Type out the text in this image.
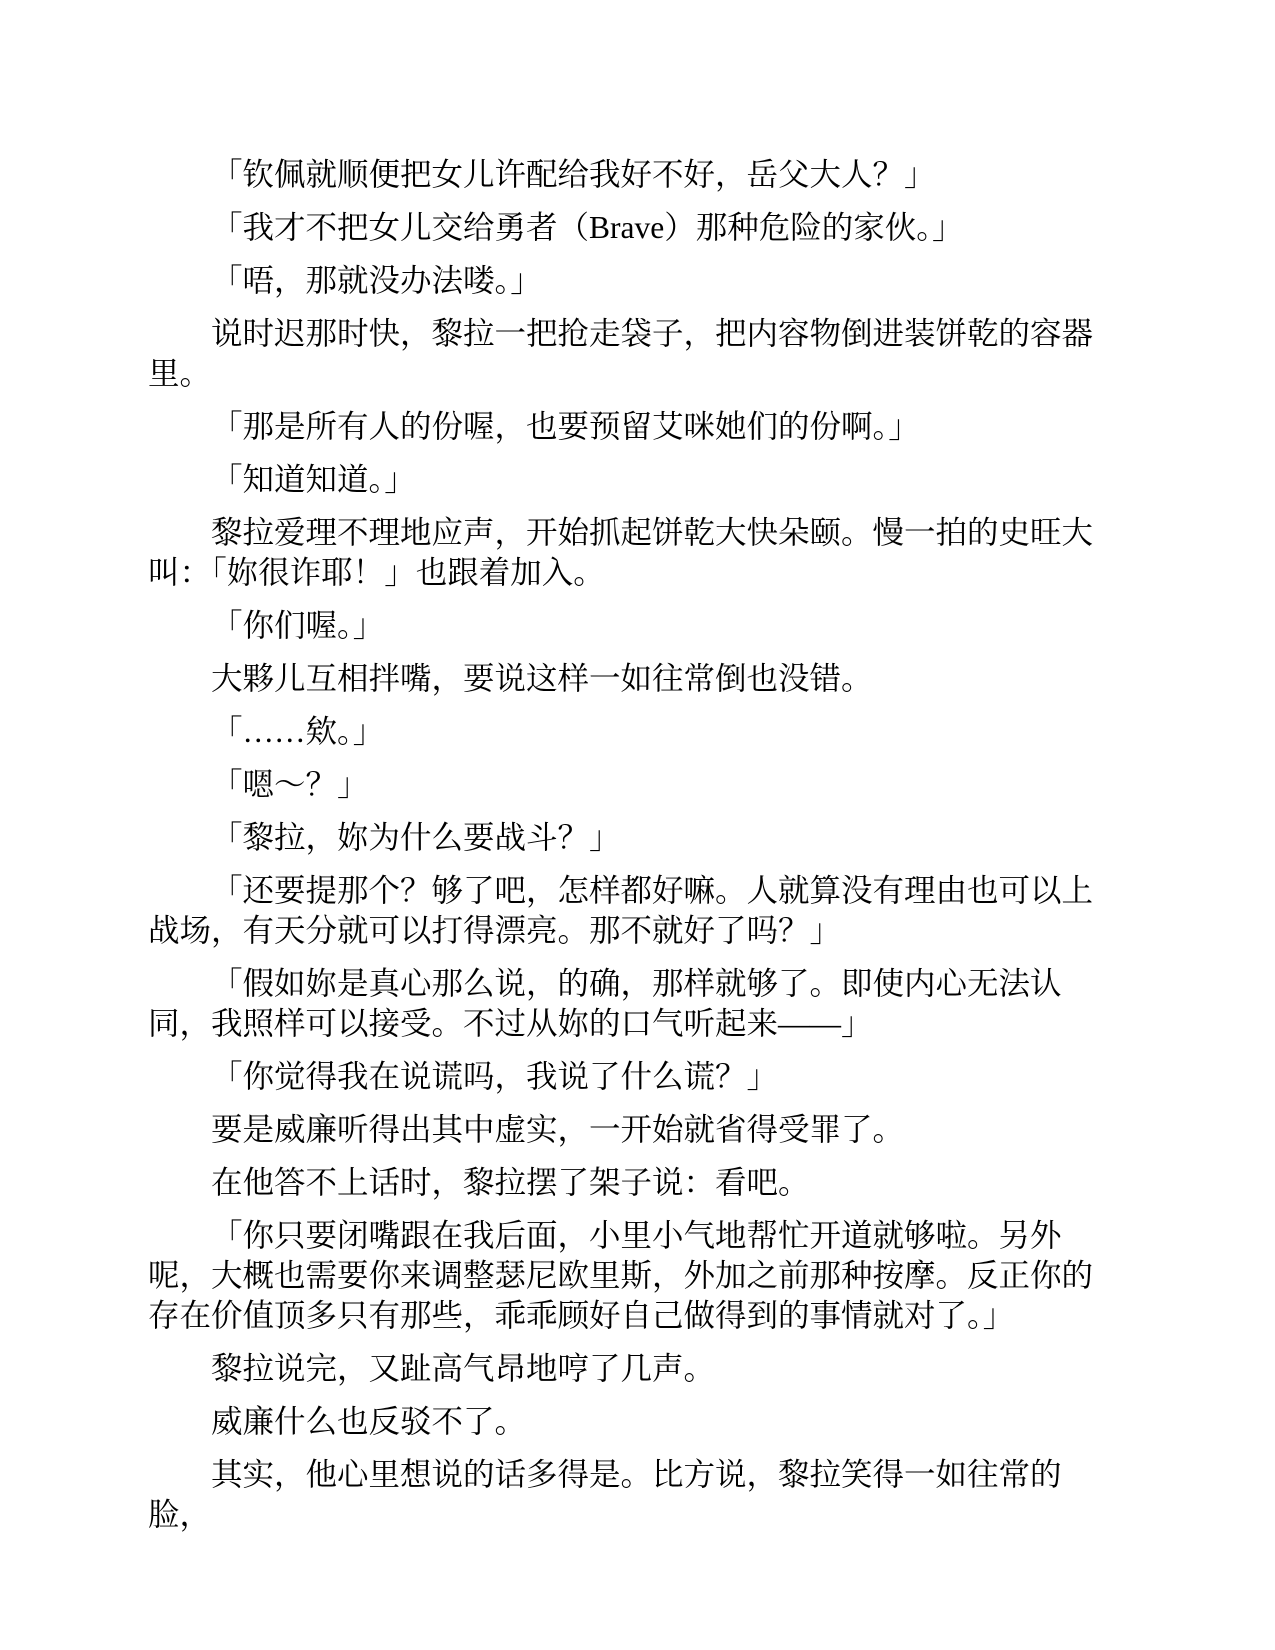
「钦佩就顺便把女儿许配给我好不好，岳父大人？」

「我才不把女儿交给勇者（Brave）那种危险的家伙。」

「唔，那就没办法喽。」

说时迟那时快，黎拉一把抢走袋子，把内容物倒进装饼乾的容器里。

「那是所有人的份喔，也要预留艾咪她们的份啊。」

「知道知道。」

黎拉爱理不理地应声，开始抓起饼乾大快朵颐。慢一拍的史旺大叫：「妳很诈耶！」也跟着加入。

「你们喔。」

大夥儿互相拌嘴，要说这样一如往常倒也没错。

「……欸。」

「嗯～？」

「黎拉，妳为什么要战斗？」

「还要提那个？够了吧，怎样都好嘛。人就算没有理由也可以上战场，有天分就可以打得漂亮。那不就好了吗？」

「假如妳是真心那么说，的确，那样就够了。即使内心无法认同，我照样可以接受。不过从妳的口气听起来——」

「你觉得我在说谎吗，我说了什么谎？」

要是威廉听得出其中虚实，一开始就省得受罪了。

在他答不上话时，黎拉摆了架子说：看吧。

「你只要闭嘴跟在我后面，小里小气地帮忙开道就够啦。另外呢，大概也需要你来调整瑟尼欧里斯，外加之前那种按摩。反正你的存在价值顶多只有那些，乖乖顾好自己做得到的事情就对了。」

黎拉说完，又趾高气昂地哼了几声。

威廉什么也反驳不了。

其实，他心里想说的话多得是。比方说，黎拉笑得一如往常的脸，
